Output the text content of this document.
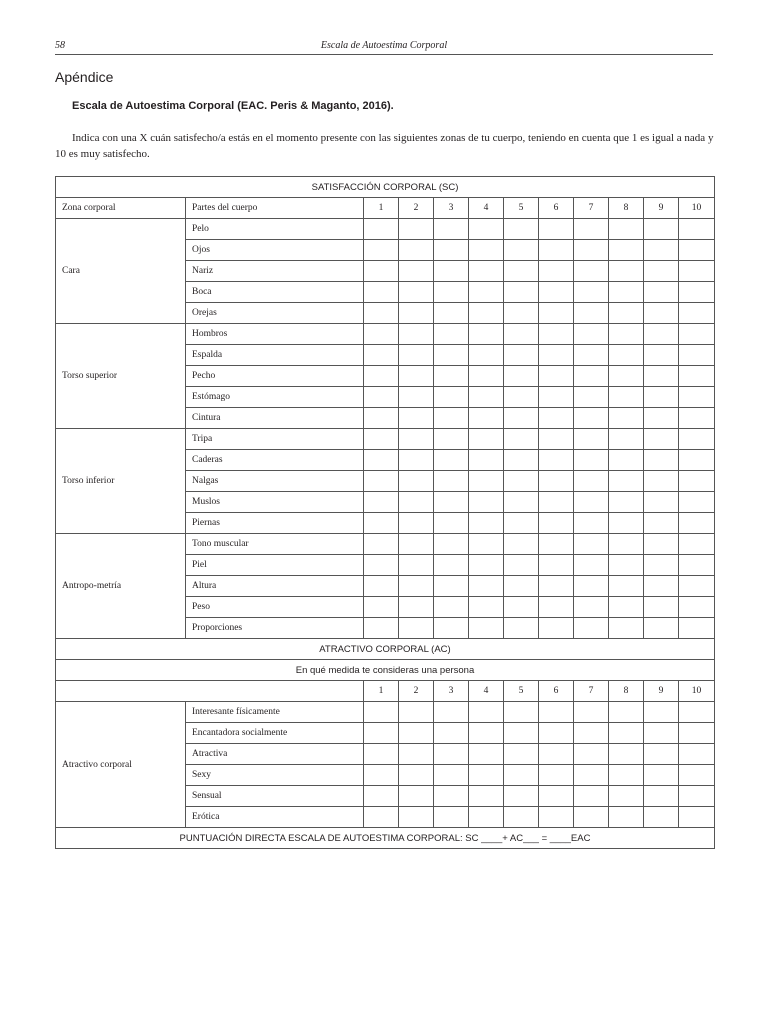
58	Escala de Autoestima Corporal
Apéndice
Escala de Autoestima Corporal (EAC. Peris & Maganto, 2016).

Indica con una X cuán satisfecho/a estás en el momento presente con las siguientes zonas de tu cuerpo, teniendo en cuenta que 1 es igual a nada y 10 es muy satisfecho.

SATISFACCIÓN CORPORAL (SC)											
Zona corporal	Partes del cuerpo	1	2	3	4	5	6	7	8	9	10
Cara	Pelo										
	Ojos										
	Nariz										
	Boca										
	Orejas										
Torso superior	Hombros										
	Espalda										
	Pecho										
	Estómago										
	Cintura										
Torso inferior	Tripa										
	Caderas										
	Nalgas										
	Muslos										
	Piernas										
Antropo-metría	Tono muscular										
	Piel										
	Altura										
	Peso										
	Proporciones										
ATRACTIVO CORPORAL (AC)											
En qué medida te consideras una persona											
		1	2	3	4	5	6	7	8	9	10
Atractivo corporal	Interesante físicamente										
	Encantadora socialmente										
	Atractiva										
	Sexy										
	Sensual										
	Erótica										
PUNTUACIÓN DIRECTA ESCALA DE AUTOESTIMA CORPORAL: SC ____+ AC___ = ____EAC											
